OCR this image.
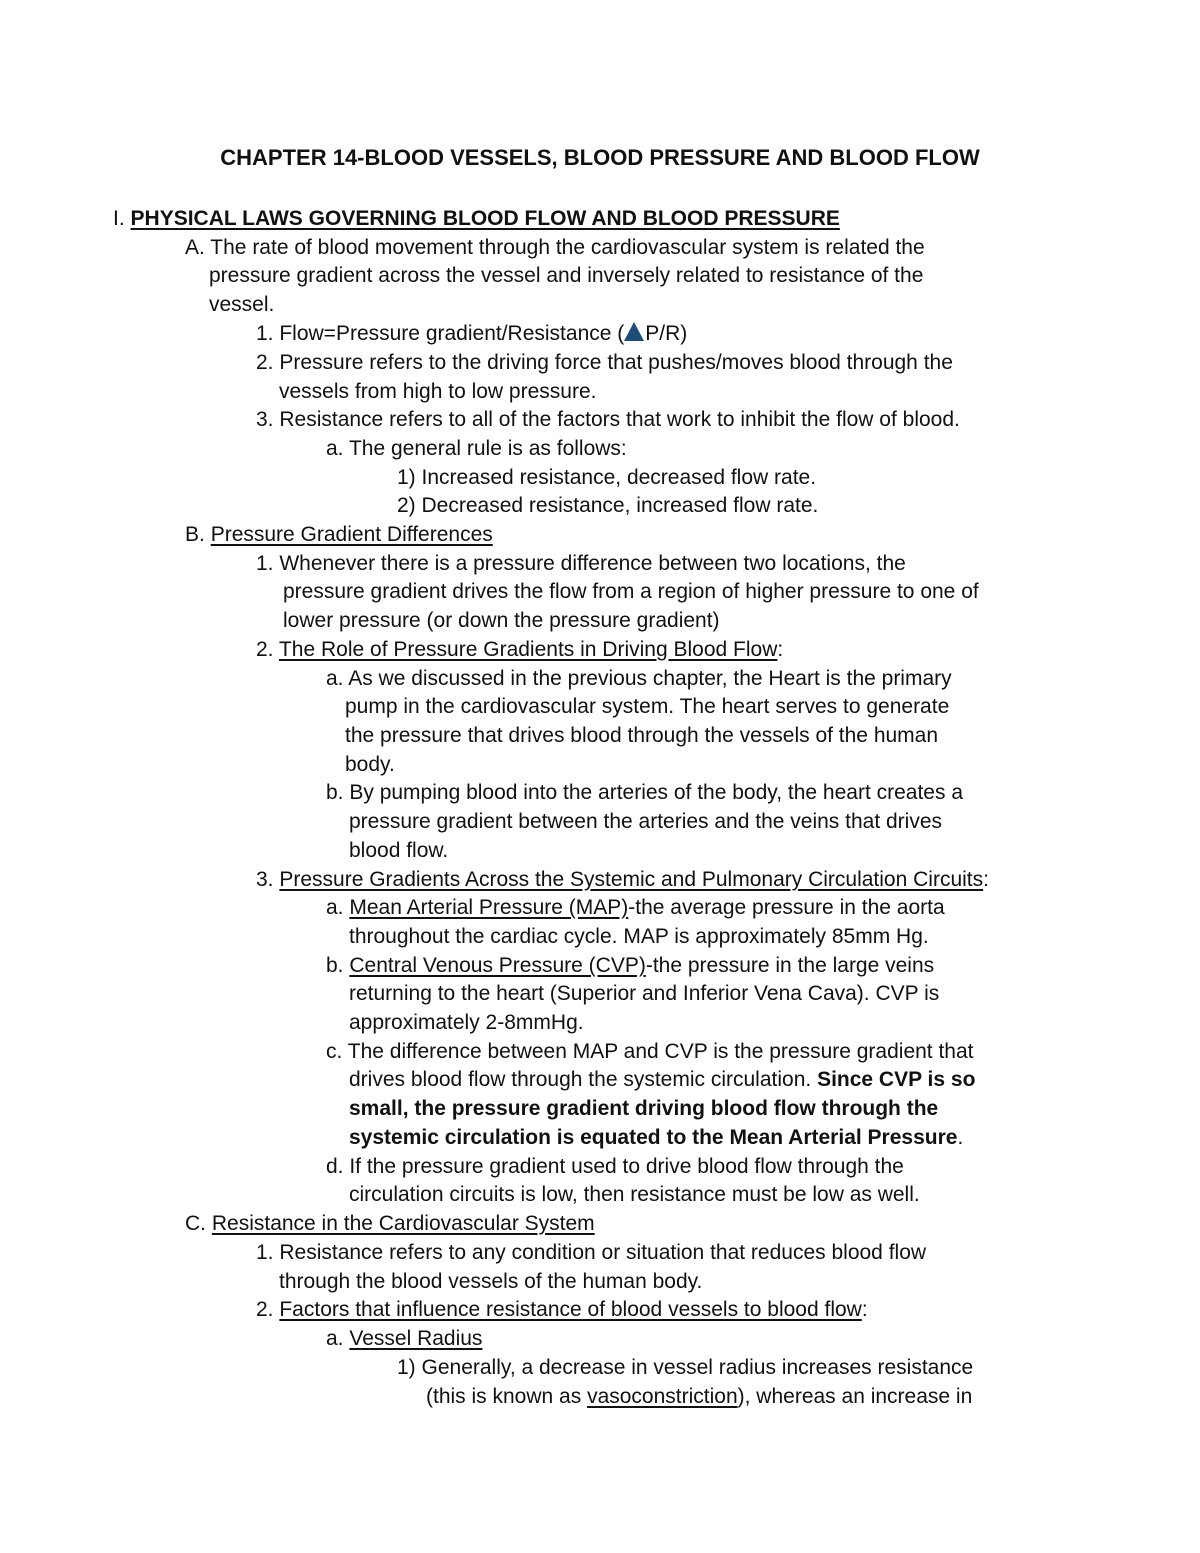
CHAPTER 14-BLOOD VESSELS, BLOOD PRESSURE AND BLOOD FLOW
I. PHYSICAL LAWS GOVERNING BLOOD FLOW AND BLOOD PRESSURE
A. The rate of blood movement through the cardiovascular system is related the
pressure gradient across the vessel and inversely related to resistance of the
vessel.
1. Flow=Pressure gradient/Resistance ( P/R)
2. Pressure refers to the driving force that pushes/moves blood through the
vessels from high to low pressure.
3. Resistance refers to all of the factors that work to inhibit the flow of blood.
a. The general rule is as follows:
1) Increased resistance, decreased flow rate.
2) Decreased resistance, increased flow rate.
B. Pressure Gradient Differences
1. Whenever there is a pressure difference between two locations, the
pressure gradient drives the flow from a region of higher pressure to one of
lower pressure (or down the pressure gradient)
2. The Role of Pressure Gradients in Driving Blood Flow:
a. As we discussed in the previous chapter, the Heart is the primary
pump in the cardiovascular system. The heart serves to generate
the pressure that drives blood through the vessels of the human
body.
b. By pumping blood into the arteries of the body, the heart creates a
pressure gradient between the arteries and the veins that drives
blood flow.
3. Pressure Gradients Across the Systemic and Pulmonary Circulation Circuits:
a. Mean Arterial Pressure (MAP)-the average pressure in the aorta
throughout the cardiac cycle. MAP is approximately 85mm Hg.
b. Central Venous Pressure (CVP)-the pressure in the large veins
returning to the heart (Superior and Inferior Vena Cava). CVP is
approximately 2-8mmHg.
c. The difference between MAP and CVP is the pressure gradient that
drives blood flow through the systemic circulation. Since CVP is so
small, the pressure gradient driving blood flow through the
systemic circulation is equated to the Mean Arterial Pressure.
d. If the pressure gradient used to drive blood flow through the
circulation circuits is low, then resistance must be low as well.
C. Resistance in the Cardiovascular System
1. Resistance refers to any condition or situation that reduces blood flow
through the blood vessels of the human body.
2. Factors that influence resistance of blood vessels to blood flow:
a. Vessel Radius
1) Generally, a decrease in vessel radius increases resistance
(this is known as vasoconstriction), whereas an increase in
